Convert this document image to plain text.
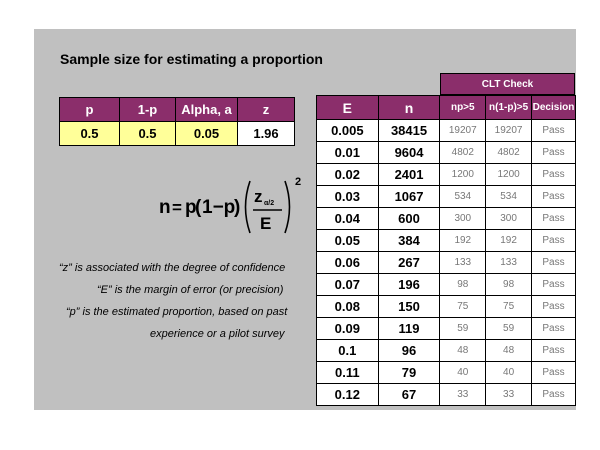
Sample size for estimating a proportion
p	1-p	Alpha, a	z
0.5	0.5	0.05	1.96
n = p
( 1−p
)
z α/2
E
2
“z” is associated with the degree of confidence
“E” is the margin of error (or precision)
“p” is the estimated proportion, based on past
experience or a pilot survey
CLT Check
E	n	np>5	n(1-p)>5	Decision
0.005	38415	19207	19207	Pass
0.01	9604	4802	4802	Pass
0.02	2401	1200	1200	Pass
0.03	1067	534	534	Pass
0.04	600	300	300	Pass
0.05	384	192	192	Pass
0.06	267	133	133	Pass
0.07	196	98	98	Pass
0.08	150	75	75	Pass
0.09	119	59	59	Pass
0.1	96	48	48	Pass
0.11	79	40	40	Pass
0.12	67	33	33	Pass
